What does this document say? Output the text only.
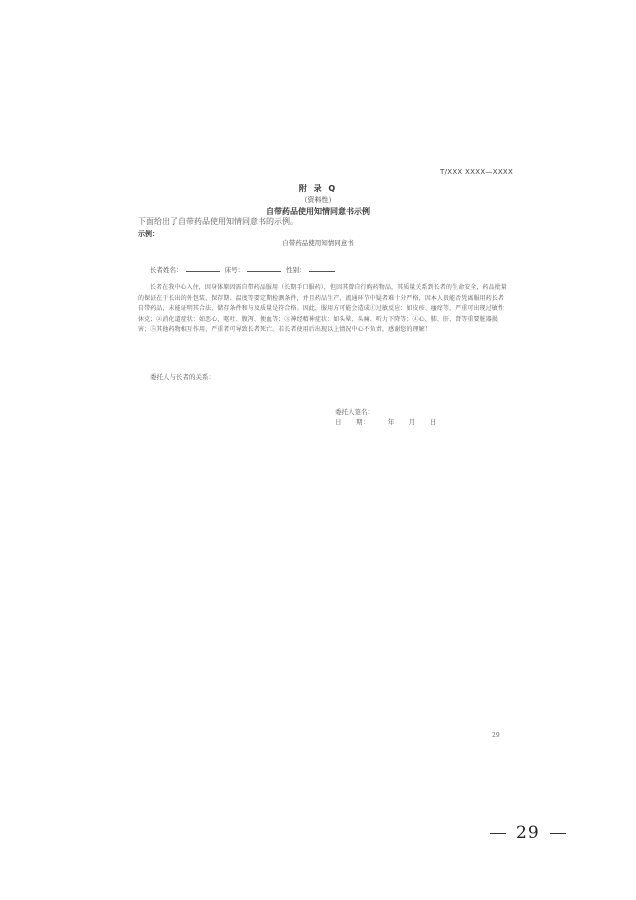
T/XXX XXXX—XXXX
附 录 Q
（资料性）
自带药品使用知情同意书示例
下面给出了自带药品使用知情同意书的示例。
示例：
自带药品使用知情同意书
长者姓名：	床号：	性别：
长者在我中心入住，因身体原因需自带药品服用（长期手口服药），但因其曾自行购药物品，其质量关系到长者的生命安全，药品批量的保证在于长出的外包装、保存期、温度等要定期检测条件，并且药品生产、流通环节中疑者难十分严格，因本人贵能否凭离服用药长者自带药品，未能证明其合法、储存条件和与及质量是符合格。因此，服用方可能会造成①过敏反应：如皮疹、瘙痒等，严重可出现过敏性休克；②消化道症状：如恶心、呕吐、腹泻、便血等；③神经精神症状：如头晕、头痛、听力下降等；④心、肺、肝、肾等重要脏器损害；⑤其他药物相互作用，严重者可导致长者死亡。若长者使用后出现以上情况中心不负责，感谢您的理解！
委托人与长者的关系：
委托人签名：
日　　期：　　　年　　月　　日
29
29
